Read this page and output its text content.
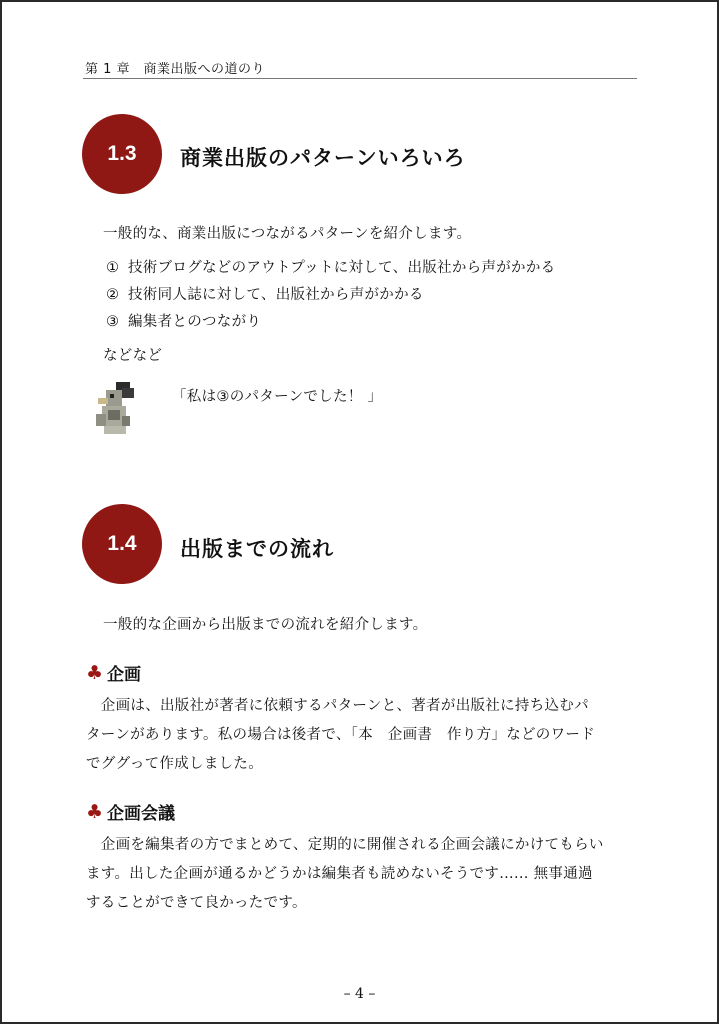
第 1 章　商業出版への道のり
1.3	商業出版のパターンいろいろ
一般的な、商業出版につながるパターンを紹介します。
① 技術ブログなどのアウトプットに対して、出版社から声がかかる
② 技術同人誌に対して、出版社から声がかかる
③ 編集者とのつながり
などなど
「私は③のパターンでした！ 」
1.4	出版までの流れ
一般的な企画から出版までの流れを紹介します。
♣ 企画
　企画は、出版社が著者に依頼するパターンと、著者が出版社に持ち込むパ
ターンがあります。私の場合は後者で、「本　企画書　作り方」などのワード
でググって作成しました。
♣ 企画会議
　企画を編集者の方でまとめて、定期的に開催される企画会議にかけてもらい
ます。出した企画が通るかどうかは編集者も読めないそうです...... 無事通過
することができて良かったです。
– 4 –
